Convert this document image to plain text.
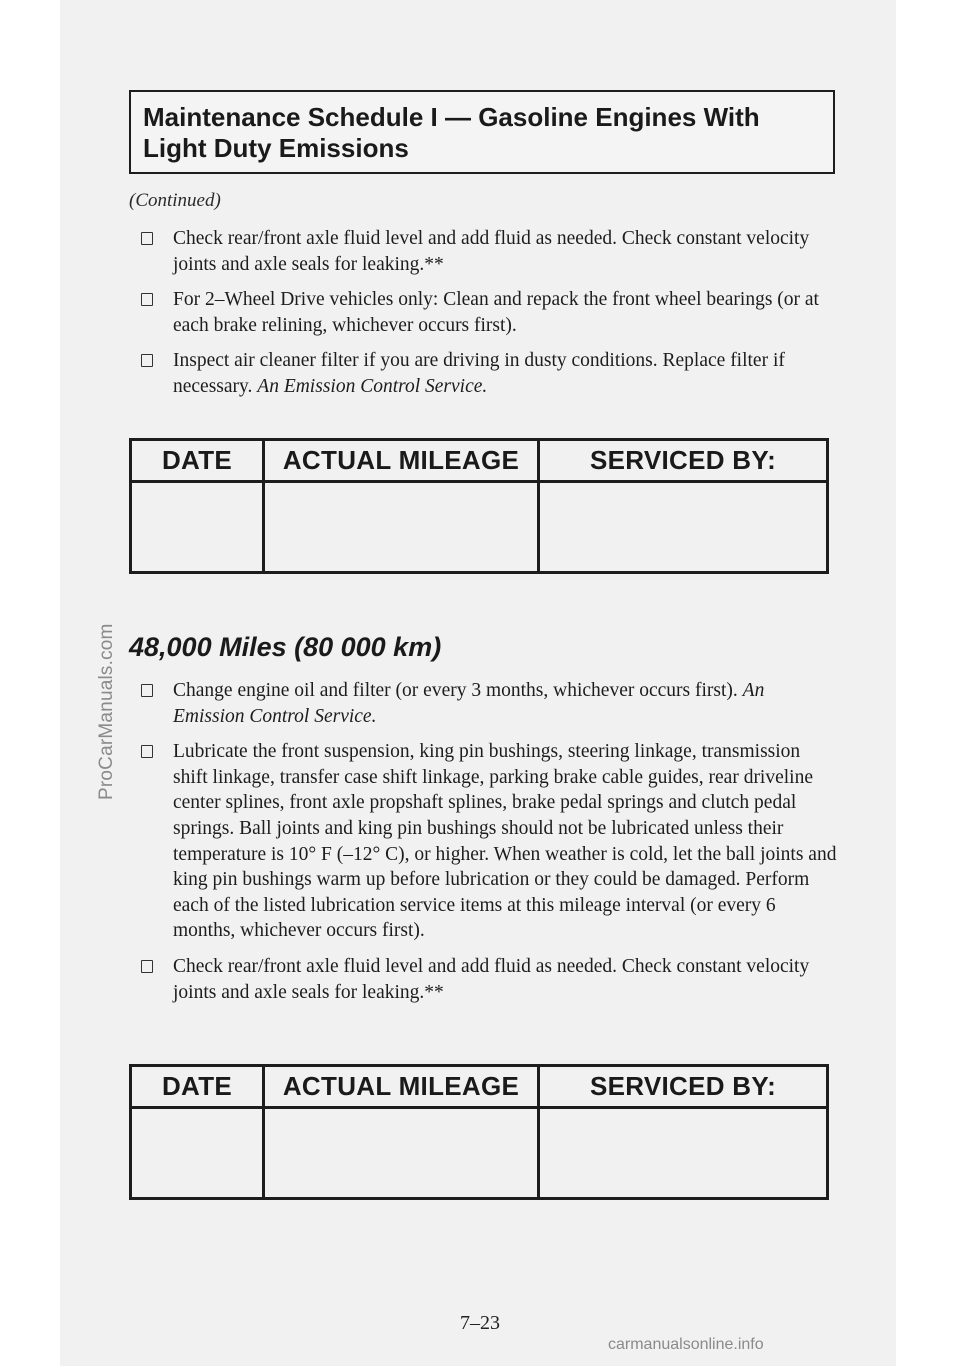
ProCarManuals.com
carmanualsonline.info
Maintenance Schedule I — Gasoline Engines With
Light Duty Emissions
(Continued)
Check rear/front axle fluid level and add fluid as needed. Check constant velocity joints and axle seals for leaking.**
For 2–Wheel Drive vehicles only: Clean and repack the front wheel bearings (or at each brake relining, whichever occurs first).
Inspect air cleaner filter if you are driving in dusty conditions. Replace filter if necessary. An Emission Control Service.
DATE	ACTUAL MILEAGE	SERVICED BY:
48,000 Miles (80 000 km)
Change engine oil and filter (or every 3 months, whichever occurs first). An Emission Control Service.
Lubricate the front suspension, king pin bushings, steering linkage, transmission shift linkage, transfer case shift linkage, parking brake cable guides, rear driveline center splines, front axle propshaft splines, brake pedal springs and clutch pedal springs. Ball joints and king pin bushings should not be lubricated unless their temperature is 10° F (–12° C), or higher. When weather is cold, let the ball joints and king pin bushings warm up before lubrication or they could be damaged. Perform each of the listed lubrication service items at this mileage interval (or every 6 months, whichever occurs first).
Check rear/front axle fluid level and add fluid as needed. Check constant velocity joints and axle seals for leaking.**
DATE	ACTUAL MILEAGE	SERVICED BY:
7–23
